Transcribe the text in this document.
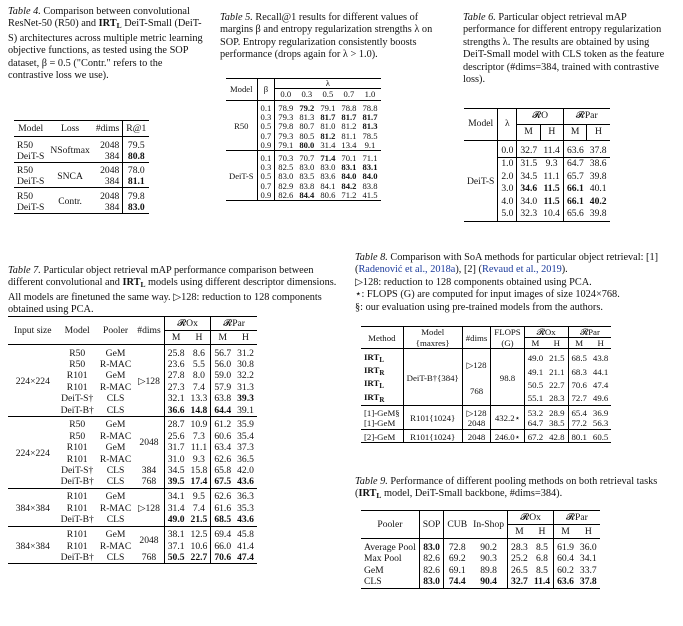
Table 4. Comparison between convolutional ResNet-50 (R50) and $IRT_L$ DeiT-Small (DeiT-S) architectures across multiple metric learning objective functions, as tested using the SOP dataset, β = 0.5 ("Contr." refers to the contrastive loss we use).
Model	Loss	#dims	R@1

R50	NSoftmax	2048	79.5
DeiT-S		384	80.8

R50	SNCA	2048	78.0
DeiT-S		384	81.1

R50	Contr.	2048	79.8
DeiT-S		384	83.0
Table 5. Recall@1 results for different values of margins β and entropy regularization strengths λ on SOP. Entropy regularization consistently boosts performance (drops again for λ > 1.0).
Model	β	λ				
		0.0	0.3	0.5	0.7	1.0

R50	0.1	78.9	79.2	79.1	78.8	78.8
	0.3	79.3	81.3	81.7	81.7	81.7
	0.5	79.8	80.7	81.0	81.2	81.3
	0.7	79.3	80.5	81.2	81.1	78.5
	0.9	79.1	80.0	31.4	13.4	9.1

DeiT-S	0.1	70.3	70.7	71.4	70.1	71.1
	0.3	82.5	83.0	83.0	83.1	83.1
	0.5	83.0	83.5	83.6	84.0	84.0
	0.7	82.9	83.8	84.1	84.2	83.8
	0.9	82.6	84.4	80.6	71.2	41.5
Table 6. Particular object retrieval mAP performance for different entropy regularization strengths λ. The results are obtained by using DeiT-Small model with CLS token as the feature descriptor (#dims=384, trained with contrastive loss).
Model	λ	𝓡O		𝓡Par	
		M	H	M	H

DeiT-S	0.0	32.7	11.4	63.6	37.8
	1.0	31.5	9.3	64.7	38.6
	2.0	34.5	11.1	65.7	39.8
	3.0	34.6	11.5	66.1	40.1
	4.0	34.0	11.5	66.1	40.2
	5.0	32.3	10.4	65.6	39.8
Table 7. Particular object retrieval mAP performance comparison between different convolutional and $IRT_L$ models using different descriptor dimensions. All models are finetuned the same way. ▷128: reduction to 128 components obtained using PCA.
Input size	Model	Pooler	#dims	𝓡Ox		𝓡Par	
				M	H	M	H

224×224	R50	GeM	▷128	25.8	8.6	56.7	31.2
	R50	R-MAC		23.6	5.5	56.0	30.8
	R101	GeM		27.8	8.0	59.0	32.2
	R101	R-MAC		27.3	7.4	57.9	31.3
	DeiT-S†	CLS		32.1	13.3	63.8	39.3
	DeiT-B†	CLS		36.6	14.8	64.4	39.1

224×224	R50	GeM	2048	28.7	10.9	61.2	35.9
	R50	R-MAC		25.6	7.3	60.6	35.4
	R101	GeM		31.7	11.1	63.4	37.3
	R101	R-MAC		31.0	9.3	62.6	36.5
	DeiT-S†	CLS	384	34.5	15.8	65.8	42.0
	DeiT-B†	CLS	768	39.5	17.4	67.5	43.6

384×384	R101	GeM	▷128	34.1	9.5	62.6	36.3
	R101	R-MAC		31.4	7.4	61.6	35.3
	DeiT-B†	CLS		49.0	21.5	68.5	43.6

384×384	R101	GeM	2048	38.1	12.5	69.4	45.8
	R101	R-MAC		37.1	10.6	66.0	41.4
	DeiT-B†	CLS	768	50.5	22.7	70.6	47.4
Table 8. Comparison with SoA methods for particular object retrieval: [1] (Radenović et al., 2018a), [2] (Revaud et al., 2019).
▷128: reduction to 128 components obtained using PCA.
⋆: FLOPS (G) are computed for input images of size 1024×768.
§: our evaluation using pre-trained models from the authors.
Method	Model	#dims	FLOPS	𝓡Ox		𝓡Par	
	{maxres}		(G)	M	H	M	H

$IRT_L$	DeiT-B†{384}	▷128	98.8	49.0	21.5	68.5	43.8
$IRT_R$				49.1	21.1	68.3	44.1
$IRT_L$		768		50.5	22.7	70.6	47.4
$IRT_R$				55.1	28.3	72.7	49.6

[1]-GeM§	R101{1024}	▷128	432.2⋆	53.2	28.9	65.4	36.9
[1]-GeM		2048		64.7	38.5	77.2	56.3

[2]-GeM	R101{1024}	2048	246.0⋆	67.2	42.8	80.1	60.5
Table 9. Performance of different pooling methods on both retrieval tasks ($IRT_L$ model, DeiT-Small backbone, #dims=384).
Pooler	SOP	CUB	In-Shop	𝓡Ox		𝓡Par	
				M	H	M	H

Average Pool	83.0	72.8	90.2	28.3	8.5	61.9	36.0
Max Pool	82.6	69.2	90.3	25.2	6.8	60.4	34.1
GeM	82.6	69.1	89.8	26.5	8.5	60.2	33.7
CLS	83.0	74.4	90.4	32.7	11.4	63.6	37.8
